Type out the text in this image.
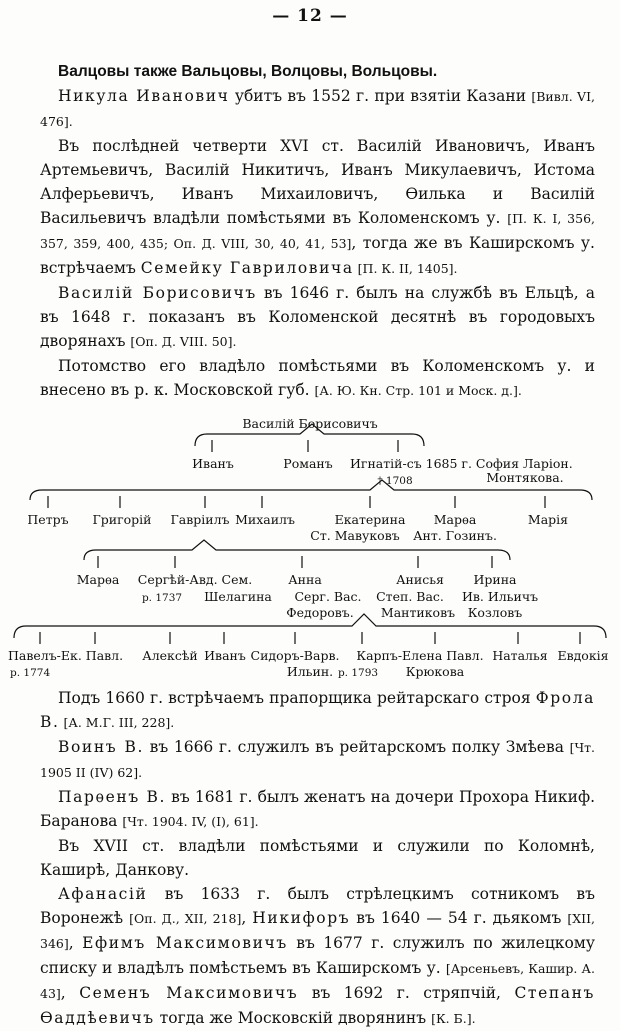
— 12 —

Валцовы также Вальцовы, Волцовы, Вольцовы.

Никула Иванович убитъ въ 1552 г. при взятіи Казани [Вивл. VI, 476].

Въ послѣдней четверти XVI ст. Василій Ивановичъ, Иванъ Артемьевичъ, Василій Никитичъ, Иванъ Микулаевичъ, Истома Алферьевичъ, Иванъ Михаиловичъ, Ѳилька и Василій Васильевичъ владѣли помѣстьями въ Коломенскомъ у. [П. К. I, 356, 357, 359, 400, 435; Оп. Д. VIII, 30, 40, 41, 53], тогда же въ Каширскомъ у. встрѣчаемъ Семейку Гавриловича [П. К. II, 1405].

Василій Борисовичъ въ 1646 г. былъ на службѣ въ Ельцѣ, а въ 1648 г. показанъ въ Коломенской десятнѣ въ городовыхъ дворянахъ [Оп. Д. VIII. 50].

Потомство его владѣло помѣстьями въ Коломенскомъ у. и внесено въ р. к. Московской губ. [А. Ю. Кн. Стр. 101 и Моск. д.].

Василій Борисовичъ
Иванъ	Романъ Игнатій-съ 1685 г. София Ларіон.
Монтякова.
† 1708
Петръ Григорій Гавріилъ Михаилъ	Екатерина
Ст. Мавуковъ
Марѳа
Ант. Гозинъ.
Марія
Марѳа Сергѣй-Авд. Сем.	Анна	Анисья Ирина
р. 1737 Шелагина Серг. Вас. Степ. Вас. Ив. Ильичъ
Федоровъ. Мантиковъ Козловъ
Павелъ-Ек. Павл. Алексѣй Иванъ Сидоръ-Варв. Карпъ-Елена Павл. Наталья Евдокія
р. 1774	Ильин. р. 1793 Крюкова

Подъ 1660 г. встрѣчаемъ прапорщика рейтарскаго строя Фрола В. [А. М.Г. III, 228].

Воинъ В. въ 1666 г. служилъ въ рейтарскомъ полку Змѣева [Чт. 1905 II (IV) 62].

Парѳенъ В. въ 1681 г. былъ женатъ на дочери Прохора Никиф. Баранова [Чт. 1904. IV, (I), 61].

Въ XVII ст. владѣли помѣстьями и служили по Коломнѣ, Каширѣ, Данкову.

Афанасій въ 1633 г. былъ стрѣлецкимъ сотникомъ въ Воронежѣ [Оп. Д., XII, 218], Никифоръ въ 1640 — 54 г. дьякомъ [XII, 346], Ефимъ Максимовичъ въ 1677 г. служилъ по жилецкому списку и владѣлъ помѣстьемъ въ Каширскомъ у. [Арсеньевъ, Кашир. А. 43], Семенъ Максимовичъ въ 1692 г. стряпчій, Степанъ Ѳаддѣевичъ тогда же Московскій дворянинъ [К. Б.].
